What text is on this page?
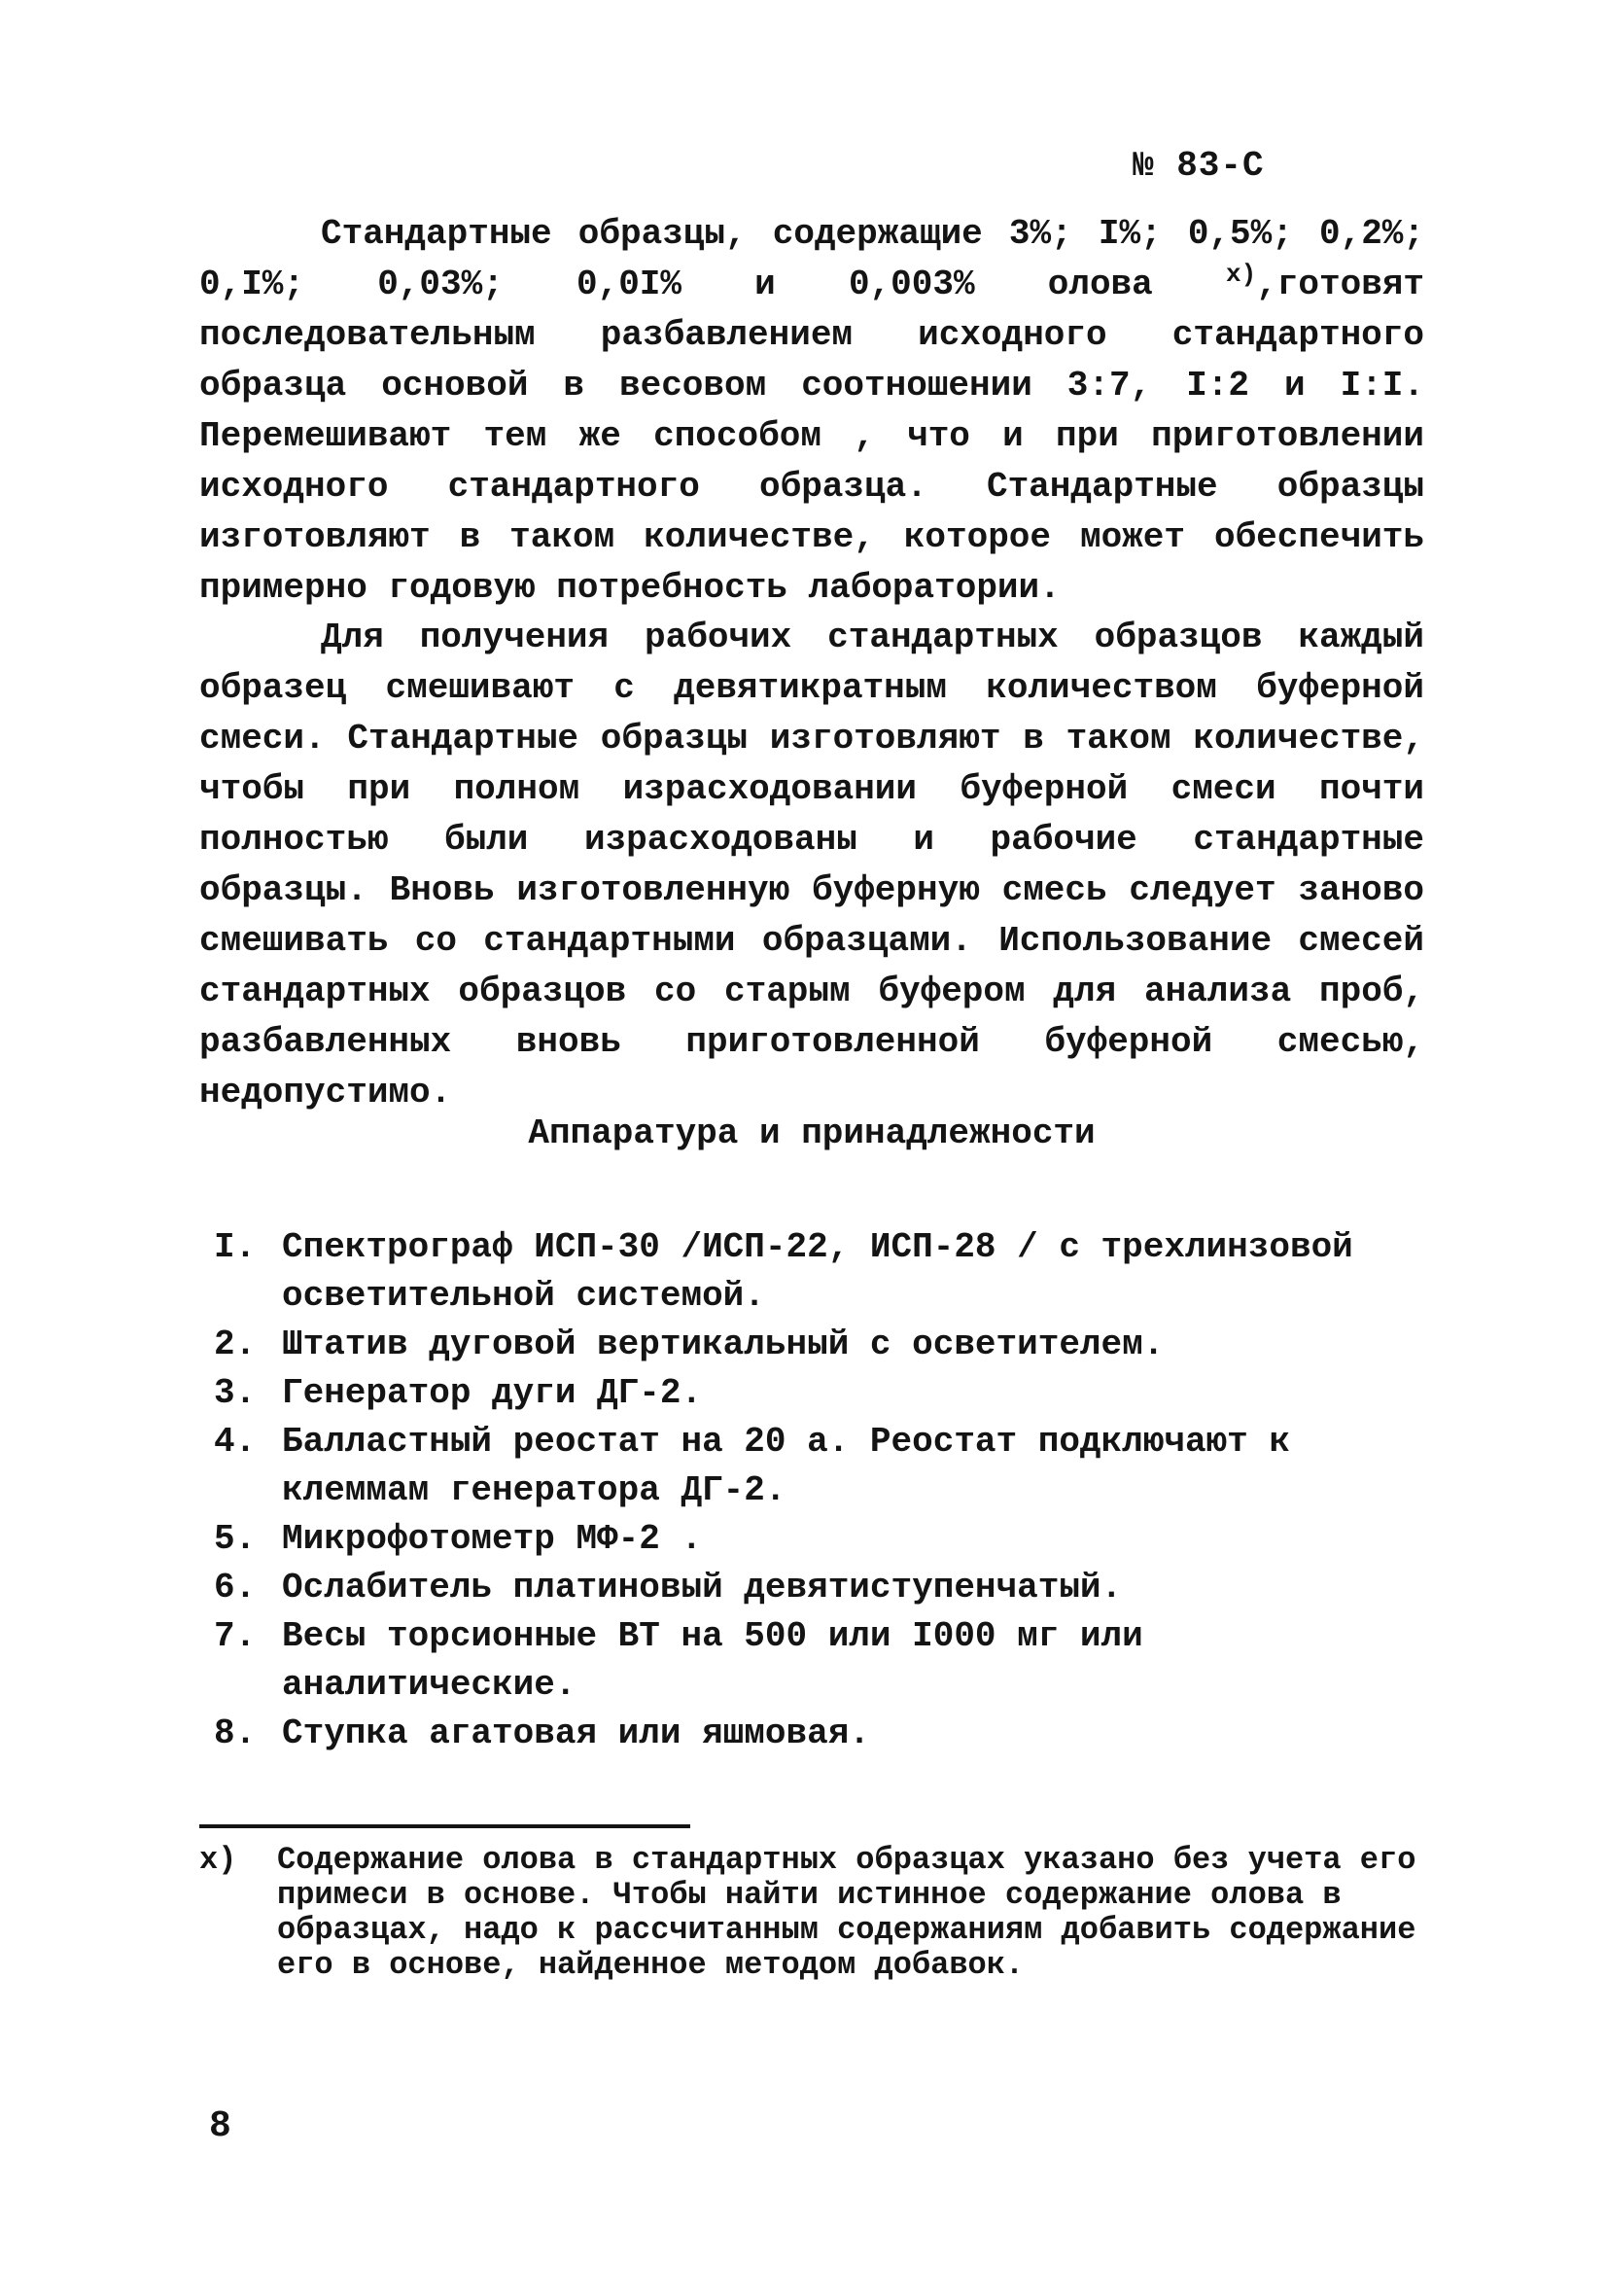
№ 83-С

Стандартные образцы, содержащие 3%; I%; 0,5%; 0,2%; 0,I%; 0,03%; 0,0I% и 0,003% олова	$^{х)}$,готовят последовательным разбавлением исходного стандартного образца основой в весовом соотношении 3:7, I:2 и I:I. Перемешивают тем же способом , что и при приготовлении исходного стандартного образца. Стандартные образцы изготовляют в таком количестве, которое может обеспечить примерно годовую потребность лаборатории.

Для получения рабочих стандартных образцов каждый образец смешивают с девятикратным количеством буферной смеси. Стандартные образцы изготовляют в таком количестве, чтобы при полном израсходовании буферной смеси почти полностью были израсходованы и рабочие стандартные образцы. Вновь изготовленную буферную смесь следует заново смешивать со стандартными образцами. Использование смесей стандартных образцов со старым буфером для анализа проб, разбавленных вновь приготовленной буферной смесью, недопустимо.

Аппаратура и принадлежности
I. Спектрограф ИСП-30 /ИСП-22, ИСП-28 / с трехлинзовой осветительной системой.
2. Штатив дуговой вертикальный с осветителем.
3. Генератор дуги ДГ-2.
4. Балластный реостат на 20 а. Реостат подключают к клеммам генератора ДГ-2.
5. Микрофотометр МФ-2 .
6. Ослабитель платиновый девятиступенчатый.
7. Весы торсионные ВТ на 500 или I000 мг или аналитические.
8. Ступка агатовая или яшмовая.
х)	Содержание олова в стандартных образцах указано без учета его примеси в основе. Чтобы найти истинное содержание олова в образцах, надо к рассчитанным содержаниям добавить содержание его в основе, найденное методом добавок.
8
